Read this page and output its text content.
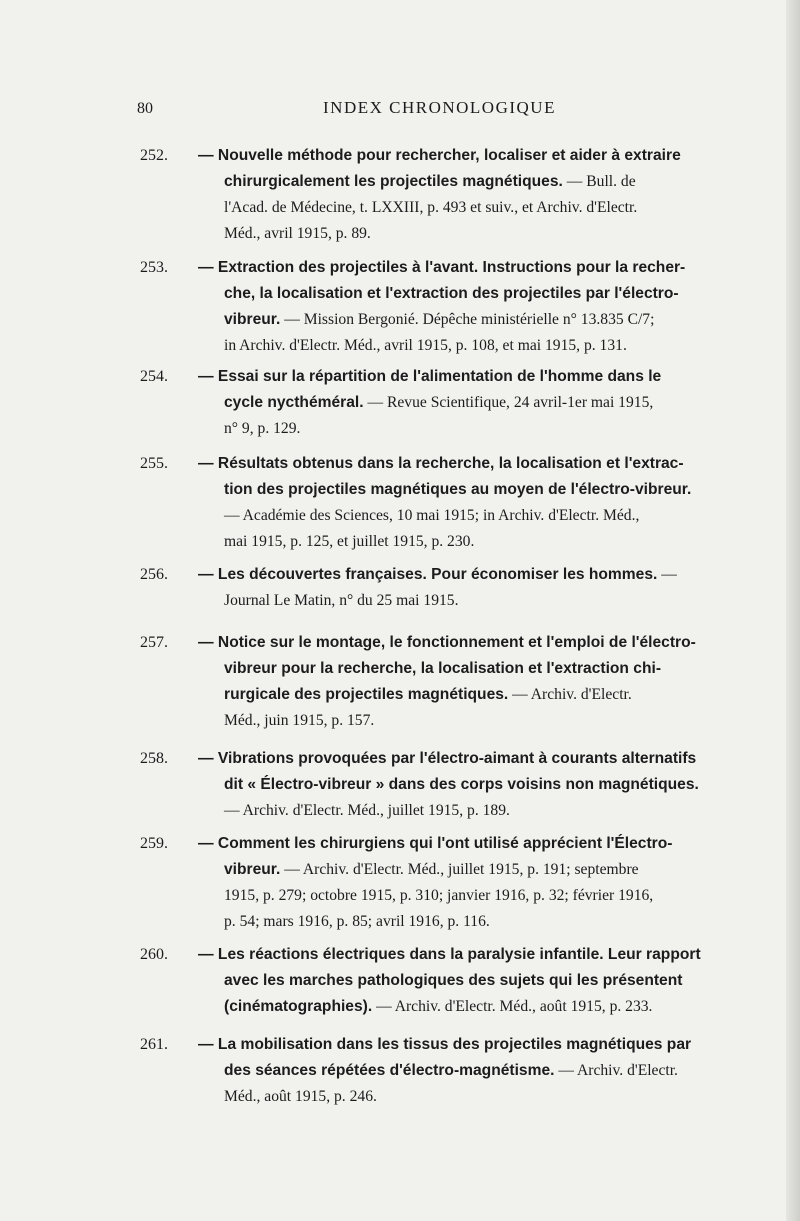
80	INDEX CHRONOLOGIQUE
252.	— Nouvelle méthode pour rechercher, localiser et aider à extraire
chirurgicalement les projectiles magnétiques. — Bull. de
l'Acad. de Médecine, t. LXXIII, p. 493 et suiv., et Archiv. d'Electr.
Méd., avril 1915, p. 89.
253.	— Extraction des projectiles à l'avant. Instructions pour la recher-
che, la localisation et l'extraction des projectiles par l'électro-
vibreur. — Mission Bergonié. Dépêche ministérielle n° 13.835 C/7;
in Archiv. d'Electr. Méd., avril 1915, p. 108, et mai 1915, p. 131.
254.	— Essai sur la répartition de l'alimentation de l'homme dans le
cycle nycthéméral. — Revue Scientifique, 24 avril-1er mai 1915,
n° 9, p. 129.
255.	— Résultats obtenus dans la recherche, la localisation et l'extrac-
tion des projectiles magnétiques au moyen de l'électro-vibreur.
— Académie des Sciences, 10 mai 1915; in Archiv. d'Electr. Méd.,
mai 1915, p. 125, et juillet 1915, p. 230.
256.	— Les découvertes françaises. Pour économiser les hommes. —
Journal Le Matin, n° du 25 mai 1915.
257.	— Notice sur le montage, le fonctionnement et l'emploi de l'électro-
vibreur pour la recherche, la localisation et l'extraction chi-
rurgicale des projectiles magnétiques. — Archiv. d'Electr.
Méd., juin 1915, p. 157.
258.	— Vibrations provoquées par l'électro-aimant à courants alternatifs
dit « Électro-vibreur » dans des corps voisins non magnétiques.
— Archiv. d'Electr. Méd., juillet 1915, p. 189.
259.	— Comment les chirurgiens qui l'ont utilisé apprécient l'Électro-
vibreur. — Archiv. d'Electr. Méd., juillet 1915, p. 191; septembre
1915, p. 279; octobre 1915, p. 310; janvier 1916, p. 32; février 1916,
p. 54; mars 1916, p. 85; avril 1916, p. 116.
260.	— Les réactions électriques dans la paralysie infantile. Leur rapport
avec les marches pathologiques des sujets qui les présentent
(cinématographies). — Archiv. d'Electr. Méd., août 1915, p. 233.
261.	— La mobilisation dans les tissus des projectiles magnétiques par
des séances répétées d'électro-magnétisme. — Archiv. d'Electr.
Méd., août 1915, p. 246.
